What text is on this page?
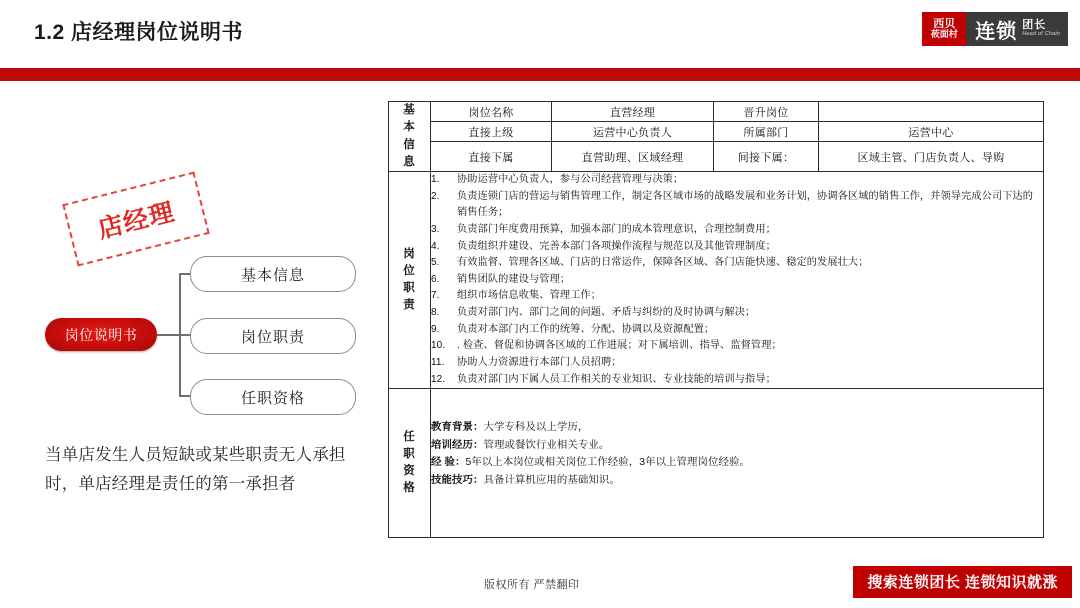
1.2 店经理岗位说明书	西贝
莜面村 连锁 团长
Head of Chain
店经理
岗位说明书
基本信息
岗位职责
任职资格
当单店发生人员短缺或某些职责无人承担时，单店经理是责任的第一承担者
基
本
信
息	岗位名称	直营经理	晋升岗位	
	直接上级	运营中心负责人	所属部门	运营中心
	直接下属	直营助理、区域经理	间接下属：	区域主管、门店负责人、导购

岗
位
职
责

1.	协助运营中心负责人，参与公司经营管理与决策；
2.	负责连锁门店的营运与销售管理工作，制定各区域市场的战略发展和业务计划，协调各区域的销售工作，并领导完成公司下达的销售任务；
3.	负责部门年度费用预算，加强本部门的成本管理意识，合理控制费用；
4.	负责组织并建设、完善本部门各项操作流程与规范以及其他管理制度；
5.	有效监督、管理各区域、门店的日常运作，保障各区域、各门店能快速、稳定的发展壮大；
6.	销售团队的建设与管理；
7.	组织市场信息收集、管理工作；
8.	负责对部门内、部门之间的问题、矛盾与纠纷的及时协调与解决；
9.	负责对本部门内工作的统筹、分配、协调以及资源配置；
10.	. 检查、督促和协调各区域的工作进展；对下属培训、指导、监督管理；
11.	协助人力资源进行本部门人员招聘；
12.	负责对部门内下属人员工作相关的专业知识、专业技能的培训与指导；

任
职
资
格

教育背景：大学专科及以上学历，
培训经历：管理或餐饮行业相关专业。
经 验：5年以上本岗位或相关岗位工作经验，3年以上管理岗位经验。
技能技巧：具备计算机应用的基础知识。
版权所有 严禁翻印	搜索连锁团长 连锁知识就涨
